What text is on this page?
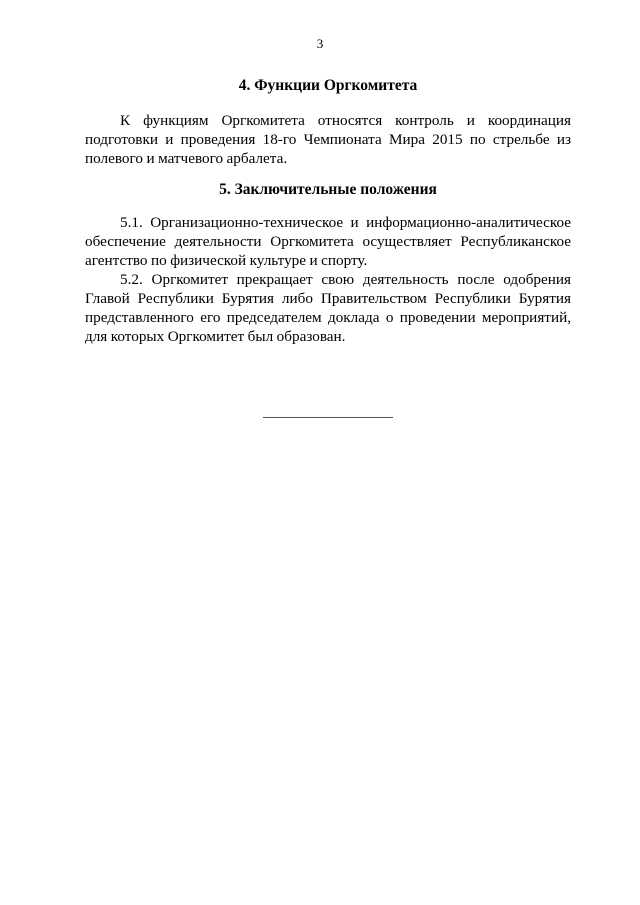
3
4. Функции Оргкомитета

К функциям Оргкомитета относятся контроль и координация подготовки и проведения 18-го Чемпионата Мира 2015 по стрельбе из полевого и матчевого арбалета.

5. Заключительные положения

5.1. Организационно-техническое и информационно-аналитическое обеспечение деятельности Оргкомитета осуществляет Республиканское агентство по физической культуре и спорту.

5.2. Оргкомитет прекращает свою деятельность после одобрения Главой Республики Бурятия либо Правительством Республики Бурятия представленного его председателем доклада о проведении мероприятий, для которых Оргкомитет был образован.
